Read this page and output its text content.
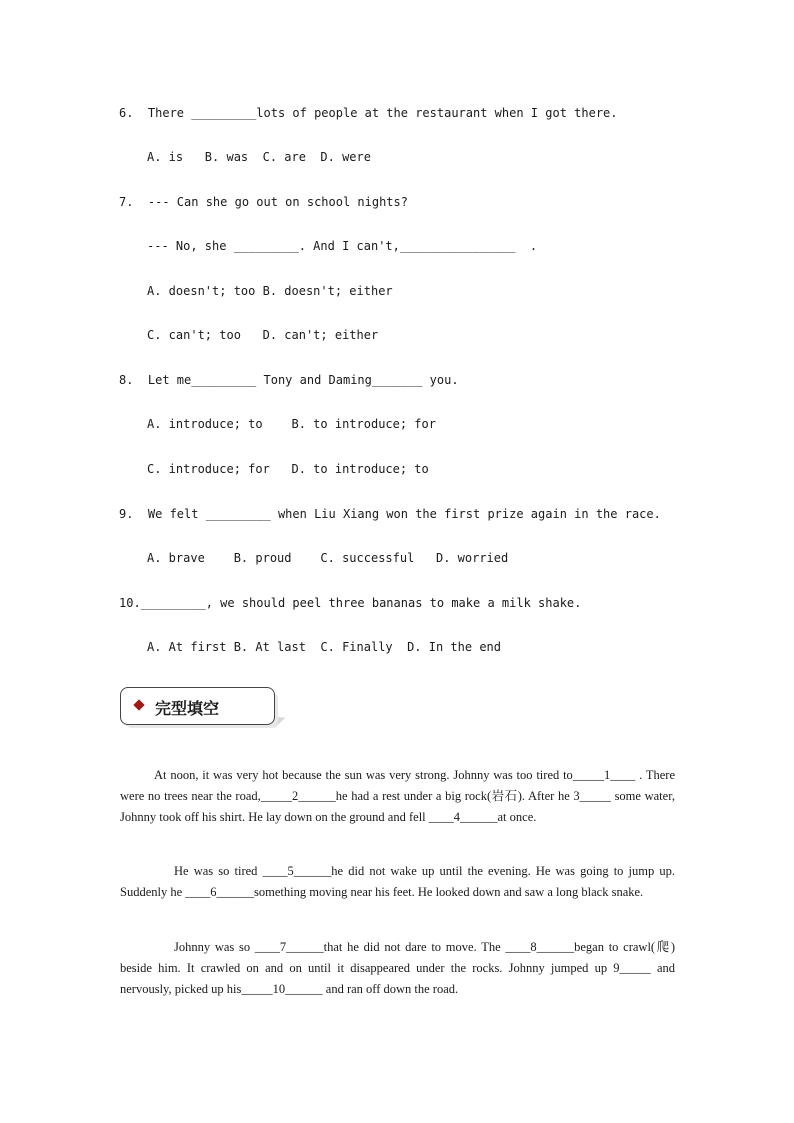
6.  There _________lots of people at the restaurant when I got there.
A. is   B. was  C. are  D. were
7.  --- Can she go out on school nights?
--- No, she _________. And I can't,________________  .
A. doesn't; too B. doesn't; either
C. can't; too   D. can't; either
8.  Let me_________ Tony and Daming_______ you.
A. introduce; to    B. to introduce; for
C. introduce; for   D. to introduce; to
9.  We felt _________ when Liu Xiang won the first prize again in the race.
A. brave    B. proud    C. successful   D. worried
10._________, we should peel three bananas to make a milk shake.
A. At first B. At last  C. Finally  D. In the end
完型填空
At noon, it was very hot because the sun was very strong. Johnny was too tired to_____1____ . There were no trees near the road,_____2______he had a rest under a big rock(岩石). After he 3_____ some water, Johnny took off his shirt. He lay down on the ground and fell ____4______at once.
He was so tired ____5______he did not wake up until the evening. He was going to jump up. Suddenly he ____6______something moving near his feet. He looked down and saw a long black snake.
Johnny was so ____7______that he did not dare to move. The ____8______began to crawl(爬) beside him. It crawled on and on until it disappeared under the rocks. Johnny jumped up 9_____ and nervously, picked up his_____10______ and ran off down the road.
